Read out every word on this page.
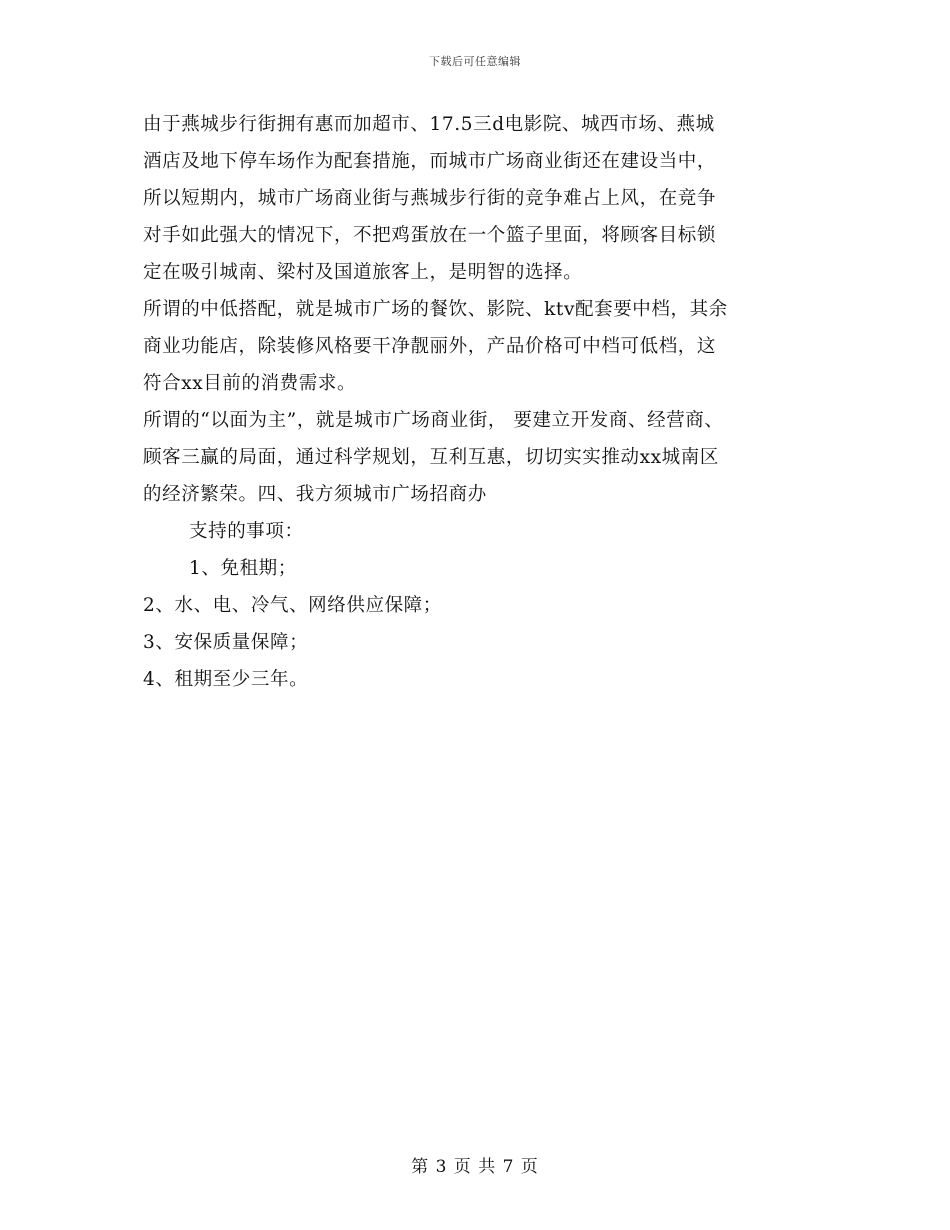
下载后可任意编辑
由于燕城步行街拥有惠而加超市、17.5三d电影院、城西市场、燕城
酒店及地下停车场作为配套措施，而城市广场商业街还在建设当中，
所以短期内，城市广场商业街与燕城步行街的竞争难占上风，在竞争
对手如此强大的情况下，不把鸡蛋放在一个篮子里面，将顾客目标锁
定在吸引城南、梁村及国道旅客上，是明智的选择。
所谓的中低搭配，就是城市广场的餐饮、影院、ktv配套要中档，其余
商业功能店，除装修风格要干净靓丽外，产品价格可中档可低档，这
符合xx目前的消费需求。
所谓的“以面为主”，就是城市广场商业街， 要建立开发商、经营商、
顾客三赢的局面，通过科学规划，互利互惠，切切实实推动xx城南区
的经济繁荣。四、我方须城市广场招商办
支持的事项：
1、免租期；
2、水、电、冷气、网络供应保障；
3、安保质量保障；
4、租期至少三年。
第 3 页 共 7 页
